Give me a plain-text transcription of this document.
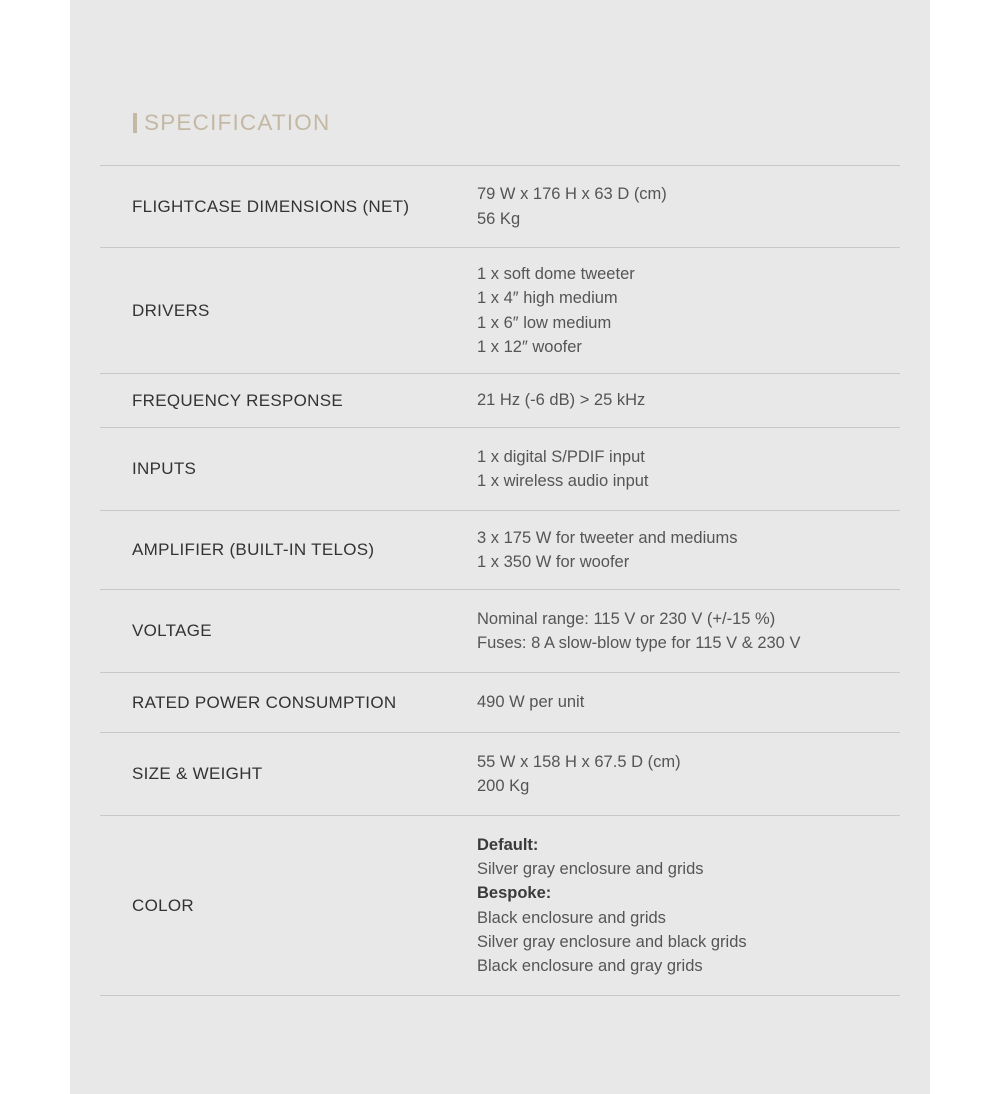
SPECIFICATION
FLIGHTCASE DIMENSIONS (NET)
79 W x 176 H x 63 D (cm)
56 Kg
DRIVERS
1 x soft dome tweeter
1 x 4″ high medium
1 x 6″ low medium
1 x 12″ woofer
FREQUENCY RESPONSE	21 Hz (-6 dB) > 25 kHz
INPUTS
1 x digital S/PDIF input
1 x wireless audio input
AMPLIFIER (BUILT-IN TELOS)
3 x 175 W for tweeter and mediums
1 x 350 W for woofer
VOLTAGE
Nominal range: 115 V or 230 V (+/-15 %)
Fuses: 8 A slow-blow type for 115 V & 230 V
RATED POWER CONSUMPTION	490 W per unit
SIZE & WEIGHT
55 W x 158 H x 67.5 D (cm)
200 Kg
COLOR
Default:
Silver gray enclosure and grids
Bespoke:
Black enclosure and grids
Silver gray enclosure and black grids
Black enclosure and gray grids
